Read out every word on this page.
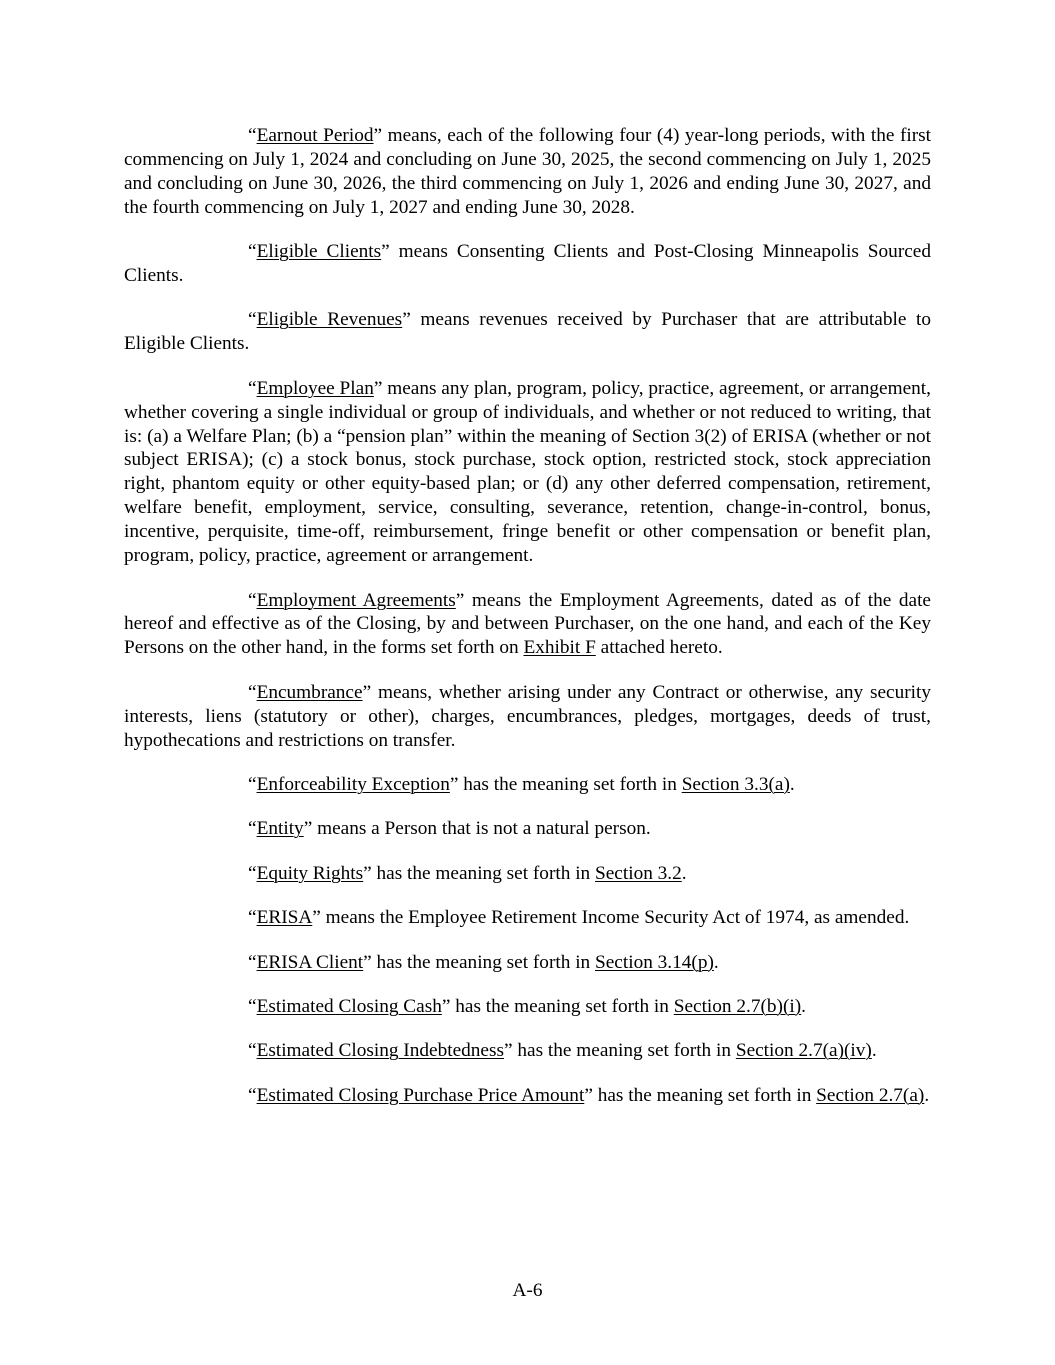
“Earnout Period” means, each of the following four (4) year-long periods, with the first commencing on July 1, 2024 and concluding on June 30, 2025, the second commencing on July 1, 2025 and concluding on June 30, 2026, the third commencing on July 1, 2026 and ending June 30, 2027, and the fourth commencing on July 1, 2027 and ending June 30, 2028.

“Eligible Clients” means Consenting Clients and Post-Closing Minneapolis Sourced Clients.

“Eligible Revenues” means revenues received by Purchaser that are attributable to Eligible Clients.

“Employee Plan” means any plan, program, policy, practice, agreement, or arrangement, whether covering a single individual or group of individuals, and whether or not reduced to writing, that is: (a) a Welfare Plan; (b) a “pension plan” within the meaning of Section 3(2) of ERISA (whether or not subject ERISA); (c) a stock bonus, stock purchase, stock option, restricted stock, stock appreciation right, phantom equity or other equity-based plan; or (d) any other deferred compensation, retirement, welfare benefit, employment, service, consulting, severance, retention, change-in-control, bonus, incentive, perquisite, time-off, reimbursement, fringe benefit or other compensation or benefit plan, program, policy, practice, agreement or arrangement.

“Employment Agreements” means the Employment Agreements, dated as of the date hereof and effective as of the Closing, by and between Purchaser, on the one hand, and each of the Key Persons on the other hand, in the forms set forth on Exhibit F attached hereto.

“Encumbrance” means, whether arising under any Contract or otherwise, any security interests, liens (statutory or other), charges, encumbrances, pledges, mortgages, deeds of trust, hypothecations and restrictions on transfer.

“Enforceability Exception” has the meaning set forth in Section 3.3(a).

“Entity” means a Person that is not a natural person.

“Equity Rights” has the meaning set forth in Section 3.2.

“ERISA” means the Employee Retirement Income Security Act of 1974, as amended.

“ERISA Client” has the meaning set forth in Section 3.14(p).

“Estimated Closing Cash” has the meaning set forth in Section 2.7(b)(i).

“Estimated Closing Indebtedness” has the meaning set forth in Section 2.7(a)(iv).

“Estimated Closing Purchase Price Amount” has the meaning set forth in Section 2.7(a).

A-6
